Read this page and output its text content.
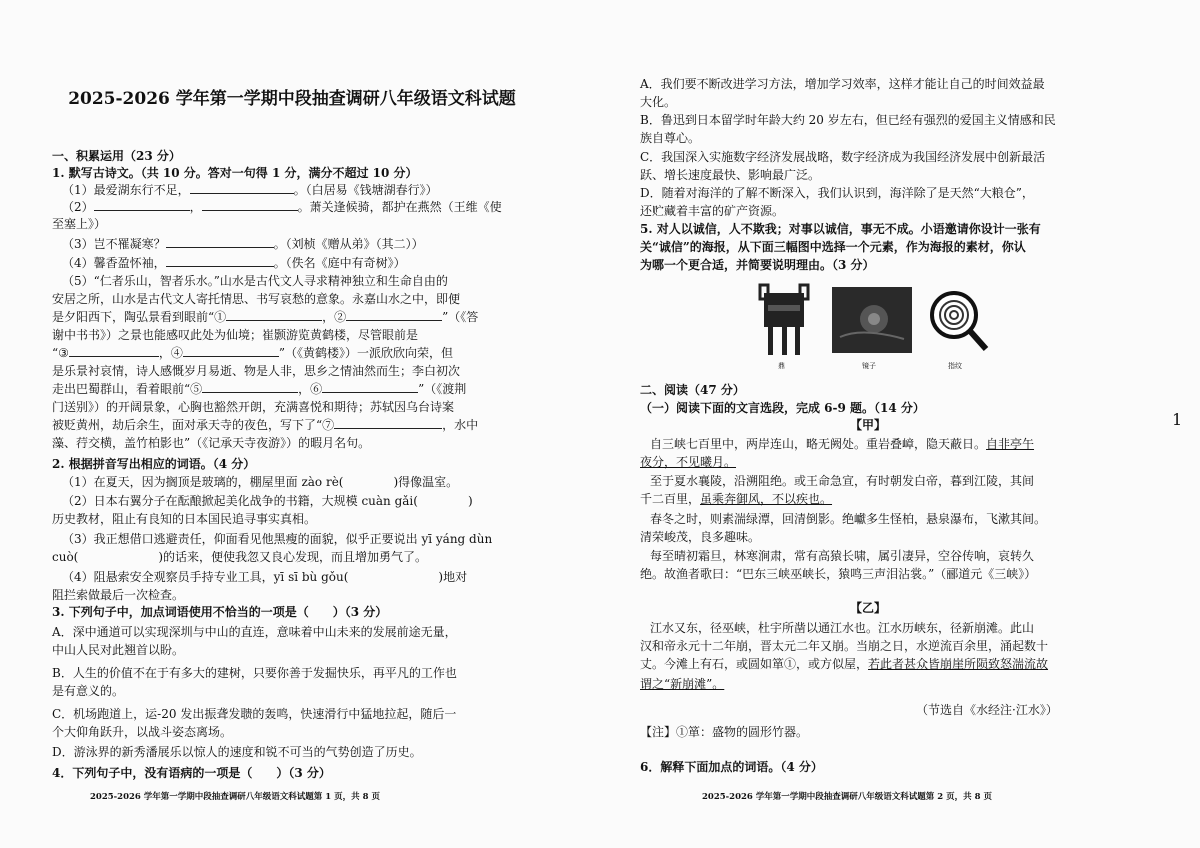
2025-2026 学年第一学期中段抽查调研八年级语文科试题
一、积累运用（23 分）
1. 默写古诗文。（共 10 分。答对一句得 1 分，满分不超过 10 分）
（1）最爱湖东行不足，	。（白居易《钱塘湖春行》）
（2）	，	。萧关逢候骑，都护在燕然（王维《使
至塞上》）
（3）岂不罹凝寒？	。（刘桢《赠从弟》（其二））
（4）馨香盈怀袖，	。（佚名《庭中有奇树》）
（5）“仁者乐山，智者乐水。”山水是古代文人寻求精神独立和生命自由的
安居之所，山水是古代文人寄托情思、书写哀愁的意象。永嘉山水之中，即便
是夕阳西下，陶弘景看到眼前“①	，②	”（《答
谢中书书》）之景也能感叹此处为仙境；崔颢游览黄鹤楼，尽管眼前是
“③	，④	”（《黄鹤楼》）一派欣欣向荣，但
是乐景衬哀情，诗人感慨岁月易逝、物是人非，思乡之情油然而生；李白初次
走出巴蜀群山，看着眼前“⑤	，⑥	”（《渡荆
门送别》）的开阔景象，心胸也豁然开朗，充满喜悦和期待；苏轼因乌台诗案
被贬黄州，劫后余生，面对承天寺的夜色，写下了“⑦	，水中
藻、荇交横，盖竹柏影也”（《记承天寺夜游》）的暇月名句。
2. 根据拼音写出相应的词语。（4 分）
（1）在夏天，因为搁顶是玻璃的，棚屋里面 zào rè(	)得像温室。
（2）日本右翼分子在酝酿掀起美化战争的书籍，大规模 cuàn gǎi(	)
历史教材，阻止有良知的日本国民追寻事实真相。
（3）我正想借口逃避责任，仰面看见他黑瘦的面貌，似乎正要说出 yī yáng dùn
cuò(	)的话来，便使我忽又良心发现，而且增加勇气了。
（4）阻悬索安全观察员手持专业工具，yī sī bù gǒu(	)地对
阻拦索做最后一次检查。
3. 下列句子中，加点词语使用不恰当的一项是（　　）（3 分）
A．深中通道可以实现深圳与中山的直连，意味着中山未来的发展前途无量，
中山人民对此翘首以盼。
B．人生的价值不在于有多大的建树，只要你善于发掘快乐，再平凡的工作也
是有意义的。
C．机场跑道上，运-20 发出振聋发聩的轰鸣，快速滑行中猛地拉起，随后一
个大仰角跃升，以战斗姿态离场。
D．游泳界的新秀潘展乐以惊人的速度和锐不可当的气势创造了历史。
4．下列句子中，没有语病的一项是（　　）（3 分）
2025-2026 学年第一学期中段抽查调研八年级语文科试题第 1 页，共 8 页
A．我们要不断改进学习方法，增加学习效率，这样才能让自己的时间效益最
大化。
B．鲁迅到日本留学时年龄大约 20 岁左右，但已经有强烈的爱国主义情感和民
族自尊心。
C．我国深入实施数字经济发展战略，数字经济成为我国经济发展中创新最活
跃、增长速度最快、影响最广泛。
D．随着对海洋的了解不断深入，我们认识到，海洋除了是天然“大粮仓”，
还贮藏着丰富的矿产资源。
5. 对人以诚信，人不欺我；对事以诚信，事无不成。小语邀请你设计一张有
关“诚信”的海报，从下面三幅图中选择一个元素，作为海报的素材，你认
为哪一个更合适，并简要说明理由。（3 分）
鼎	镜子	指纹
二、阅读（47 分）
（一）阅读下面的文言选段，完成 6-9 题。（14 分）
【甲】
自三峡七百里中，两岸连山，略无阙处。重岩叠嶂，隐天蔽日。自非亭午
夜分，不见曦月。
至于夏水襄陵，沿溯阻绝。或王命急宣，有时朝发白帝，暮到江陵，其间
千二百里，虽乘奔御风，不以疾也。
春冬之时，则素湍绿潭，回清倒影。绝巘多生怪柏，悬泉瀑布，飞漱其间。
清荣峻茂，良多趣味。
每至晴初霜旦，林寒涧肃，常有高猿长啸，属引凄异，空谷传响，哀转久
绝。故渔者歌曰：“巴东三峡巫峡长，猿鸣三声泪沾裳。”（郦道元《三峡》）
【乙】
江水又东，径巫峡，杜宇所凿以通江水也。江水历峡东，径新崩滩。此山
汉和帝永元十二年崩，晋太元二年又崩。当崩之日，水逆流百余里，涌起数十
丈。今滩上有石，或圆如箪①，或方似屋，若此者甚众皆崩崖所陨致怒湍流故
谓之“新崩滩”。
（节选自《水经注·江水》）
【注】①箪：盛物的圆形竹器。
6．解释下面加点的词语。（4 分）
2025-2026 学年第一学期中段抽查调研八年级语文科试题第 2 页，共 8 页
1
